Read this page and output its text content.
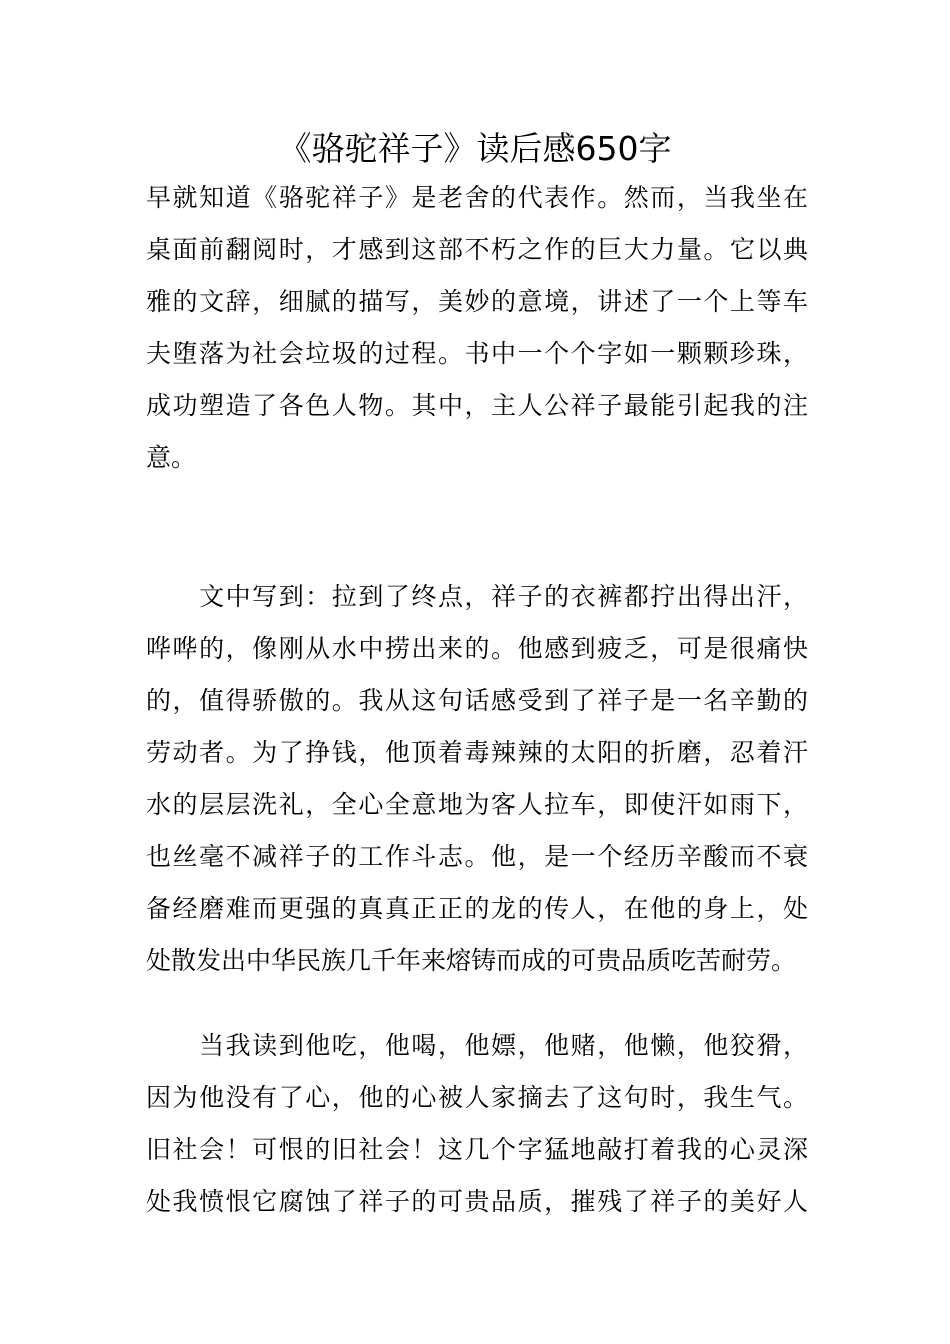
《骆驼祥子》读后感650字
早就知道《骆驼祥子》是老舍的代表作。然而，当我坐在
桌面前翻阅时，才感到这部不朽之作的巨大力量。它以典
雅的文辞，细腻的描写，美妙的意境，讲述了一个上等车
夫堕落为社会垃圾的过程。书中一个个字如一颗颗珍珠，
成功塑造了各色人物。其中，主人公祥子最能引起我的注
意。
　　文中写到：拉到了终点，祥子的衣裤都拧出得出汗，
哗哗的，像刚从水中捞出来的。他感到疲乏，可是很痛快
的，值得骄傲的。我从这句话感受到了祥子是一名辛勤的
劳动者。为了挣钱，他顶着毒辣辣的太阳的折磨，忍着汗
水的层层洗礼，全心全意地为客人拉车，即使汗如雨下，
也丝毫不减祥子的工作斗志。他，是一个经历辛酸而不衰
备经磨难而更强的真真正正的龙的传人，在他的身上，处
处散发出中华民族几千年来熔铸而成的可贵品质吃苦耐劳。
　　当我读到他吃，他喝，他嫖，他赌，他懒，他狡猾，
因为他没有了心，他的心被人家摘去了这句时，我生气。
旧社会！可恨的旧社会！这几个字猛地敲打着我的心灵深
处我愤恨它腐蚀了祥子的可贵品质，摧残了祥子的美好人
